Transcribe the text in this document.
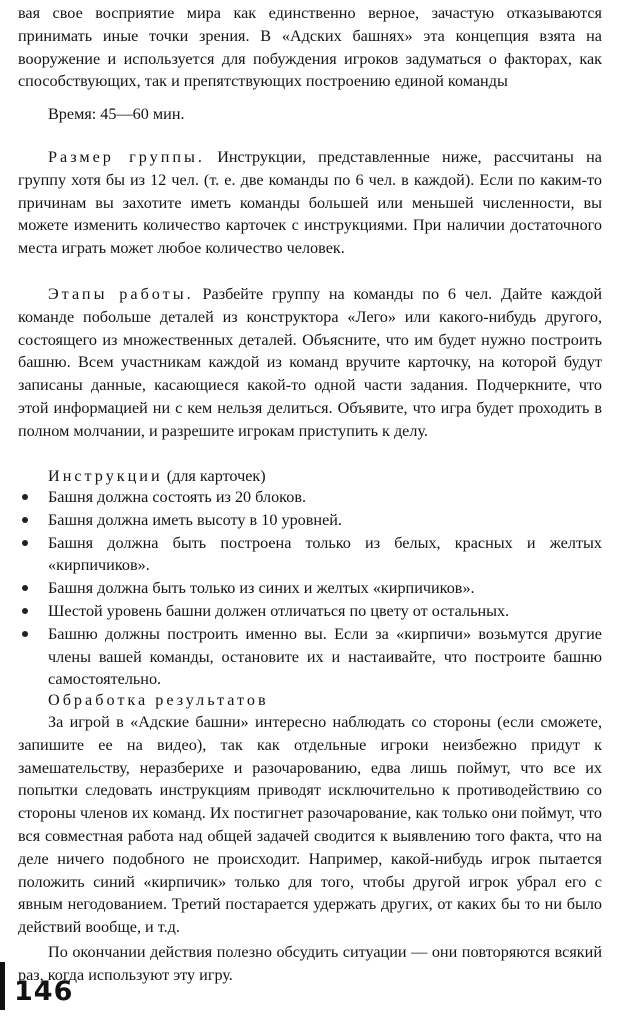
вая свое восприятие мира как единственно верное, зачастую отказываются принимать иные точки зрения. В «Адских башнях» эта концепция взята на вооружение и используется для побуждения игроков задуматься о факторах, как способствующих, так и препятствующих построению единой команды

Время: 45—60 мин.

Размер группы. Инструкции, представленные ниже, рассчитаны на группу хотя бы из 12 чел. (т. е. две команды по 6 чел. в каждой). Если по каким-то причинам вы захотите иметь команды большей или меньшей численности, вы можете изменить количество карточек с инструкциями. При наличии достаточного места играть может любое количество человек.

Этапы работы. Разбейте группу на команды по 6 чел. Дайте каждой команде побольше деталей из конструктора «Лего» или какого-нибудь другого, состоящего из множественных деталей. Объясните, что им будет нужно построить башню. Всем участникам каждой из команд вручите карточку, на которой будут записаны данные, касающиеся какой-то одной части задания. Подчеркните, что этой информацией ни с кем нельзя делиться. Объявите, что игра будет проходить в полном молчании, и разрешите игрокам приступить к делу.

Инструкции (для карточек)

Башня должна состоять из 20 блоков.
Башня должна иметь высоту в 10 уровней.
Башня должна быть построена только из белых, красных и желтых «кирпичиков».
Башня должна быть только из синих и желтых «кирпичиков».
Шестой уровень башни должен отличаться по цвету от остальных.
Башню должны построить именно вы. Если за «кирпичи» возьмутся другие члены вашей команды, остановите их и настаивайте, что построите башню самостоятельно.

Обработка результатов

За игрой в «Адские башни» интересно наблюдать со стороны (если сможете, запишите ее на видео), так как отдельные игроки неизбежно придут к замешательству, неразберихе и разочарованию, едва лишь поймут, что все их попытки следовать инструкциям приводят исключительно к противодействию со стороны членов их команд. Их постигнет разочарование, как только они поймут, что вся совместная работа над общей задачей сводится к выявлению того факта, что на деле ничего подобного не происходит. Например, какой-нибудь игрок пытается положить синий «кирпичик» только для того, чтобы другой игрок убрал его с явным негодованием. Третий постарается удержать других, от каких бы то ни было действий вообще, и т.д.

По окончании действия полезно обсудить ситуации — они повторяются всякий раз, когда используют эту игру.

146
